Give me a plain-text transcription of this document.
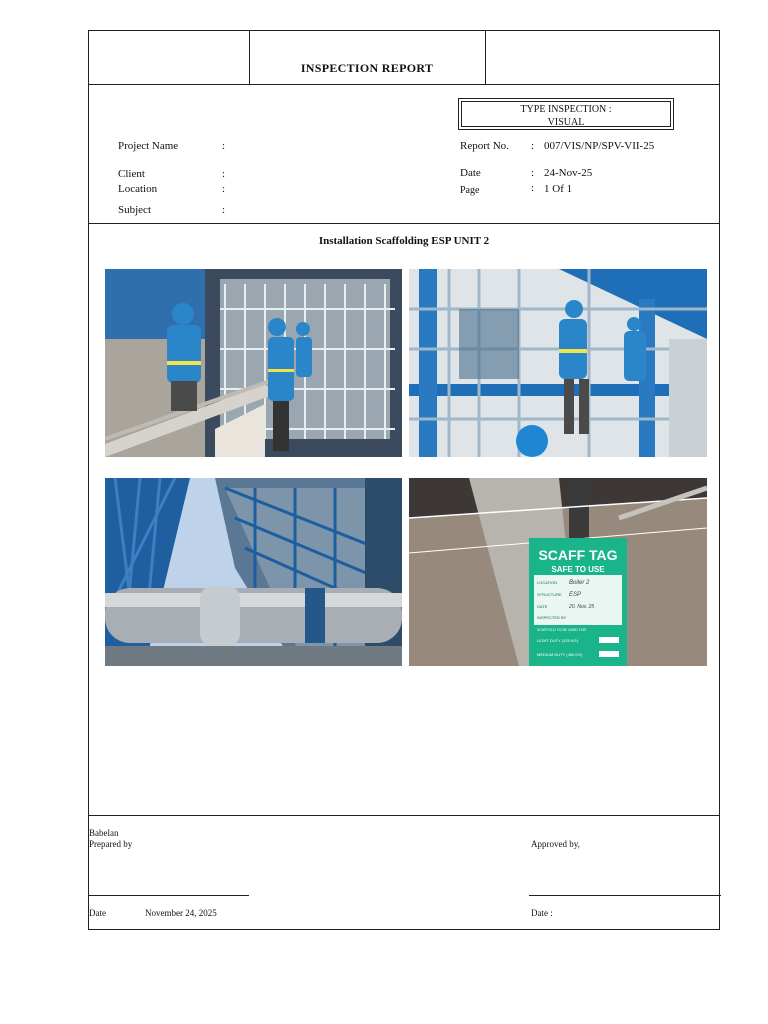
INSPECTION REPORT
TYPE INSPECTION :
VISUAL
Project Name	:
Client	:
Location	:
Subject	:
Report No. : 007/VIS/NP/SPV-VII-25
Date	: 24-Nov-25
Page	: 1 Of 1
Installation Scaffolding ESP UNIT 2
SCAFF TAG
SAFE TO USE
LOCATION Boiler 2
STRUCTURE ESP
DATE	20. Nov. 25
INSPECTED BY
SCAFFOLD TO BE USED FOR
LIGHT DUTY (225 KG)
MEDIUM DUTY (450 KG)
Babelan
Prepared by	Approved by,
Date	November 24, 2025	Date :
